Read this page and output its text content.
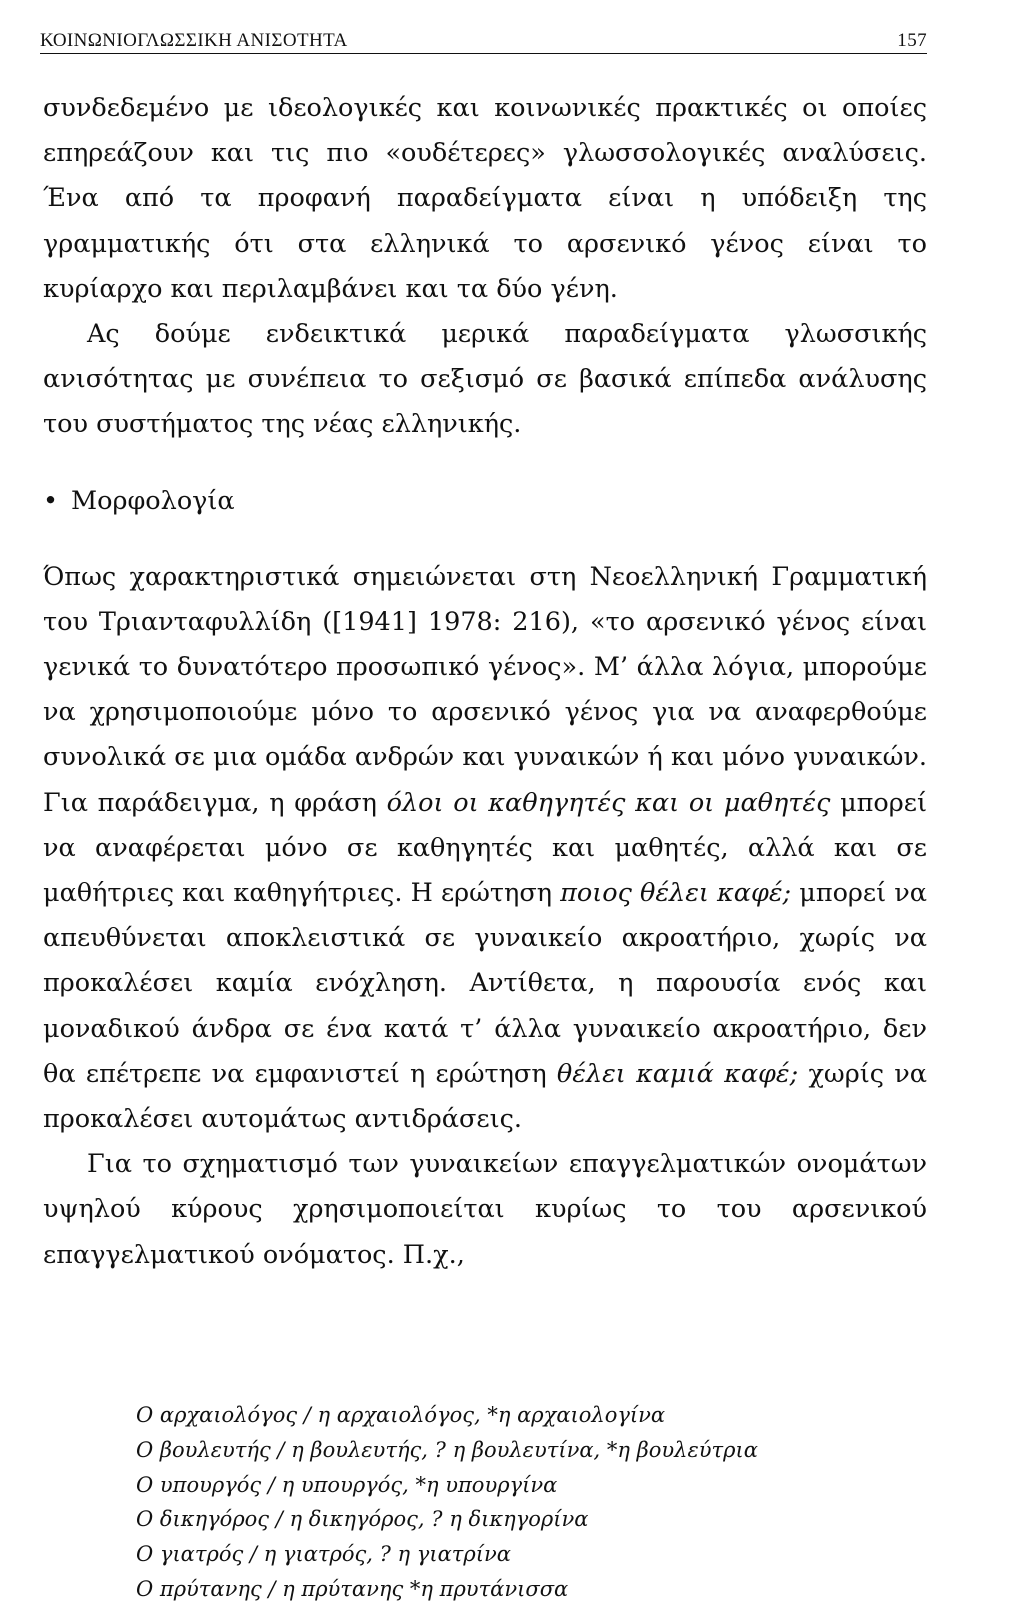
ΚΟΙΝΩΝΙΟΓΛΩΣΣΙΚΗ ΑΝΙΣΟΤΗΤΑ	157

συνδεδεμένο με ιδεολογικές και κοινωνικές πρακτικές οι οποίες επηρεάζουν και τις πιο «ουδέτερες» γλωσσολογικές αναλύσεις. Ένα από τα προφανή παραδείγματα είναι η υπόδειξη της γραμματικής ότι στα ελληνικά το αρσενικό γένος είναι το κυρίαρχο και περιλαμβάνει και τα δύο γένη.

Ας δούμε ενδεικτικά μερικά παραδείγματα γλωσσικής ανισότητας με συνέπεια το σεξισμό σε βασικά επίπεδα ανάλυσης του συστήματος της νέας ελληνικής.

• Μορφολογία

Όπως χαρακτηριστικά σημειώνεται στη Νεοελληνική Γραμματική του Τριανταφυλλίδη ([1941] 1978: 216), «το αρσενικό γένος είναι γενικά το δυνατότερο προσωπικό γένος». Μ’ άλλα λόγια, μπορούμε να χρησιμοποιούμε μόνο το αρσενικό γένος για να αναφερθούμε συνολικά σε μια ομάδα ανδρών και γυναικών ή και μόνο γυναικών. Για παράδειγμα, η φράση όλοι οι καθηγητές και οι μαθητές μπορεί να αναφέρεται μόνο σε καθηγητές και μαθητές, αλλά και σε μαθήτριες και καθηγήτριες. Η ερώτηση ποιος θέλει καφέ; μπορεί να απευθύνεται αποκλειστικά σε γυναικείο ακροατήριο, χωρίς να προκαλέσει καμία ενόχληση. Αντίθετα, η παρουσία ενός και μοναδικού άνδρα σε ένα κατά τ’ άλλα γυναικείο ακροατήριο, δεν θα επέτρεπε να εμφανιστεί η ερώτηση θέλει καμιά καφέ; χωρίς να προκαλέσει αυτομάτως αντιδράσεις.

Για το σχηματισμό των γυναικείων επαγγελματικών ονομάτων υψηλού κύρους χρησιμοποιείται κυρίως το του αρσενικού επαγγελματικού ονόματος. Π.χ.,

Ο αρχαιολόγος / η αρχαιολόγος, *η αρχαιολογίνα
Ο βουλευτής / η βουλευτής, ? η βουλευτίνα, *η βουλεύτρια
Ο υπουργός / η υπουργός, *η υπουργίνα
Ο δικηγόρος / η δικηγόρος, ? η δικηγορίνα
Ο γιατρός / η γιατρός, ? η γιατρίνα
Ο πρύτανης / η πρύτανης *η πρυτάνισσα
